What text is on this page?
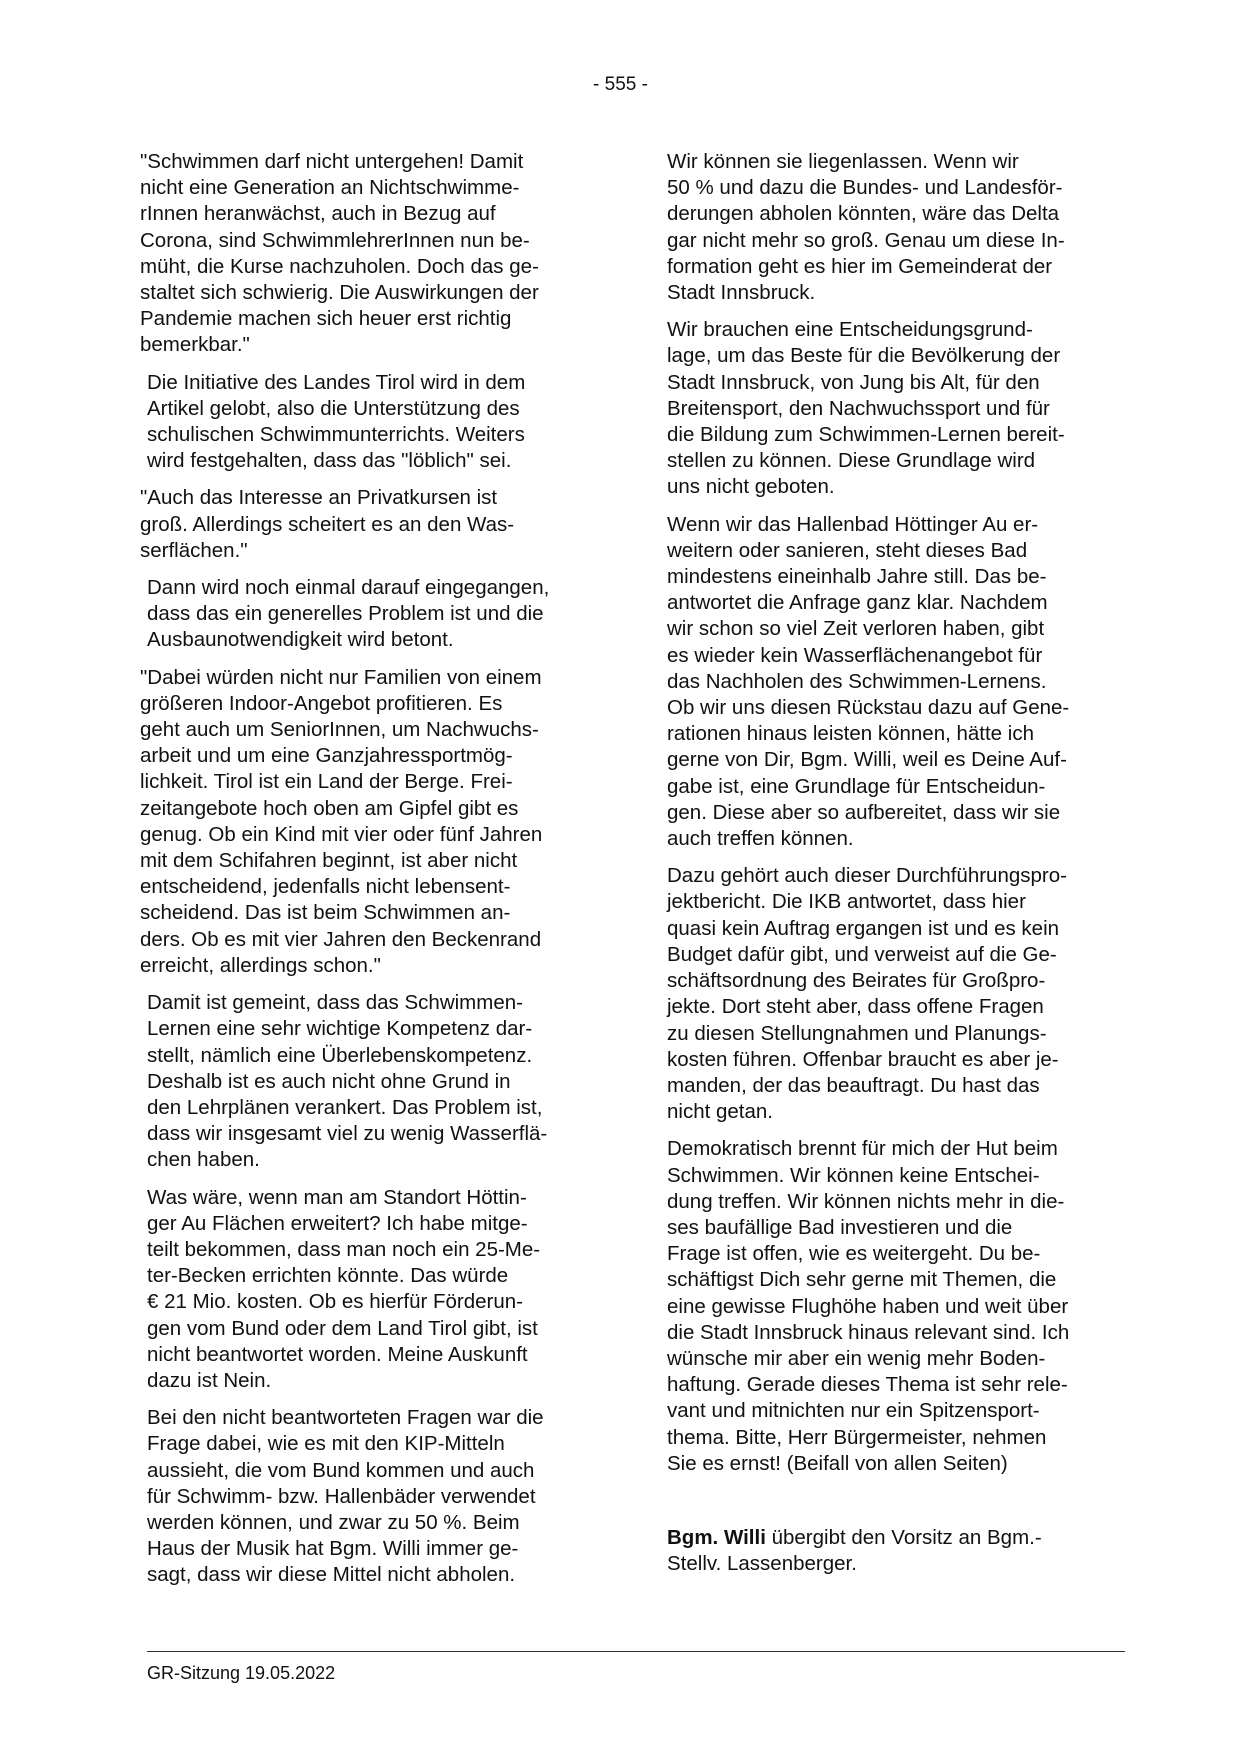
- 555 -

"Schwimmen darf nicht untergehen! Damit
nicht eine Generation an Nichtschwimme-
rInnen heranwächst, auch in Bezug auf
Corona, sind SchwimmlehrerInnen nun be-
müht, die Kurse nachzuholen. Doch das ge-
staltet sich schwierig. Die Auswirkungen der
Pandemie machen sich heuer erst richtig
bemerkbar."

Die Initiative des Landes Tirol wird in dem
Artikel gelobt, also die Unterstützung des
schulischen Schwimmunterrichts. Weiters
wird festgehalten, dass das "löblich" sei.

"Auch das Interesse an Privatkursen ist
groß. Allerdings scheitert es an den Was-
serflächen."

Dann wird noch einmal darauf eingegangen,
dass das ein generelles Problem ist und die
Ausbaunotwendigkeit wird betont.

"Dabei würden nicht nur Familien von einem
größeren Indoor-Angebot profitieren. Es
geht auch um SeniorInnen, um Nachwuchs-
arbeit und um eine Ganzjahressportmög-
lichkeit. Tirol ist ein Land der Berge. Frei-
zeitangebote hoch oben am Gipfel gibt es
genug. Ob ein Kind mit vier oder fünf Jahren
mit dem Schifahren beginnt, ist aber nicht
entscheidend, jedenfalls nicht lebensent-
scheidend. Das ist beim Schwimmen an-
ders. Ob es mit vier Jahren den Beckenrand
erreicht, allerdings schon."

Damit ist gemeint, dass das Schwimmen-
Lernen eine sehr wichtige Kompetenz dar-
stellt, nämlich eine Überlebenskompetenz.
Deshalb ist es auch nicht ohne Grund in
den Lehrplänen verankert. Das Problem ist,
dass wir insgesamt viel zu wenig Wasserflä-
chen haben.

Was wäre, wenn man am Standort Höttin-
ger Au Flächen erweitert? Ich habe mitge-
teilt bekommen, dass man noch ein 25-Me-
ter-Becken errichten könnte. Das würde
€ 21 Mio. kosten. Ob es hierfür Förderun-
gen vom Bund oder dem Land Tirol gibt, ist
nicht beantwortet worden. Meine Auskunft
dazu ist Nein.

Bei den nicht beantworteten Fragen war die
Frage dabei, wie es mit den KIP-Mitteln
aussieht, die vom Bund kommen und auch
für Schwimm- bzw. Hallenbäder verwendet
werden können, und zwar zu 50 %. Beim
Haus der Musik hat Bgm. Willi immer ge-
sagt, dass wir diese Mittel nicht abholen.

Wir können sie liegenlassen. Wenn wir
50 % und dazu die Bundes- und Landesför-
derungen abholen könnten, wäre das Delta
gar nicht mehr so groß. Genau um diese In-
formation geht es hier im Gemeinderat der
Stadt Innsbruck.

Wir brauchen eine Entscheidungsgrund-
lage, um das Beste für die Bevölkerung der
Stadt Innsbruck, von Jung bis Alt, für den
Breitensport, den Nachwuchssport und für
die Bildung zum Schwimmen-Lernen bereit-
stellen zu können. Diese Grundlage wird
uns nicht geboten.

Wenn wir das Hallenbad Höttinger Au er-
weitern oder sanieren, steht dieses Bad
mindestens eineinhalb Jahre still. Das be-
antwortet die Anfrage ganz klar. Nachdem
wir schon so viel Zeit verloren haben, gibt
es wieder kein Wasserflächenangebot für
das Nachholen des Schwimmen-Lernens.
Ob wir uns diesen Rückstau dazu auf Gene-
rationen hinaus leisten können, hätte ich
gerne von Dir, Bgm. Willi, weil es Deine Auf-
gabe ist, eine Grundlage für Entscheidun-
gen. Diese aber so aufbereitet, dass wir sie
auch treffen können.

Dazu gehört auch dieser Durchführungspro-
jektbericht. Die IKB antwortet, dass hier
quasi kein Auftrag ergangen ist und es kein
Budget dafür gibt, und verweist auf die Ge-
schäftsordnung des Beirates für Großpro-
jekte. Dort steht aber, dass offene Fragen
zu diesen Stellungnahmen und Planungs-
kosten führen. Offenbar braucht es aber je-
manden, der das beauftragt. Du hast das
nicht getan.

Demokratisch brennt für mich der Hut beim
Schwimmen. Wir können keine Entschei-
dung treffen. Wir können nichts mehr in die-
ses baufällige Bad investieren und die
Frage ist offen, wie es weitergeht. Du be-
schäftigst Dich sehr gerne mit Themen, die
eine gewisse Flughöhe haben und weit über
die Stadt Innsbruck hinaus relevant sind. Ich
wünsche mir aber ein wenig mehr Boden-
haftung. Gerade dieses Thema ist sehr rele-
vant und mitnichten nur ein Spitzensport-
thema. Bitte, Herr Bürgermeister, nehmen
Sie es ernst! (Beifall von allen Seiten)

Bgm. Willi übergibt den Vorsitz an Bgm.-
Stellv. Lassenberger.

GR-Sitzung 19.05.2022
